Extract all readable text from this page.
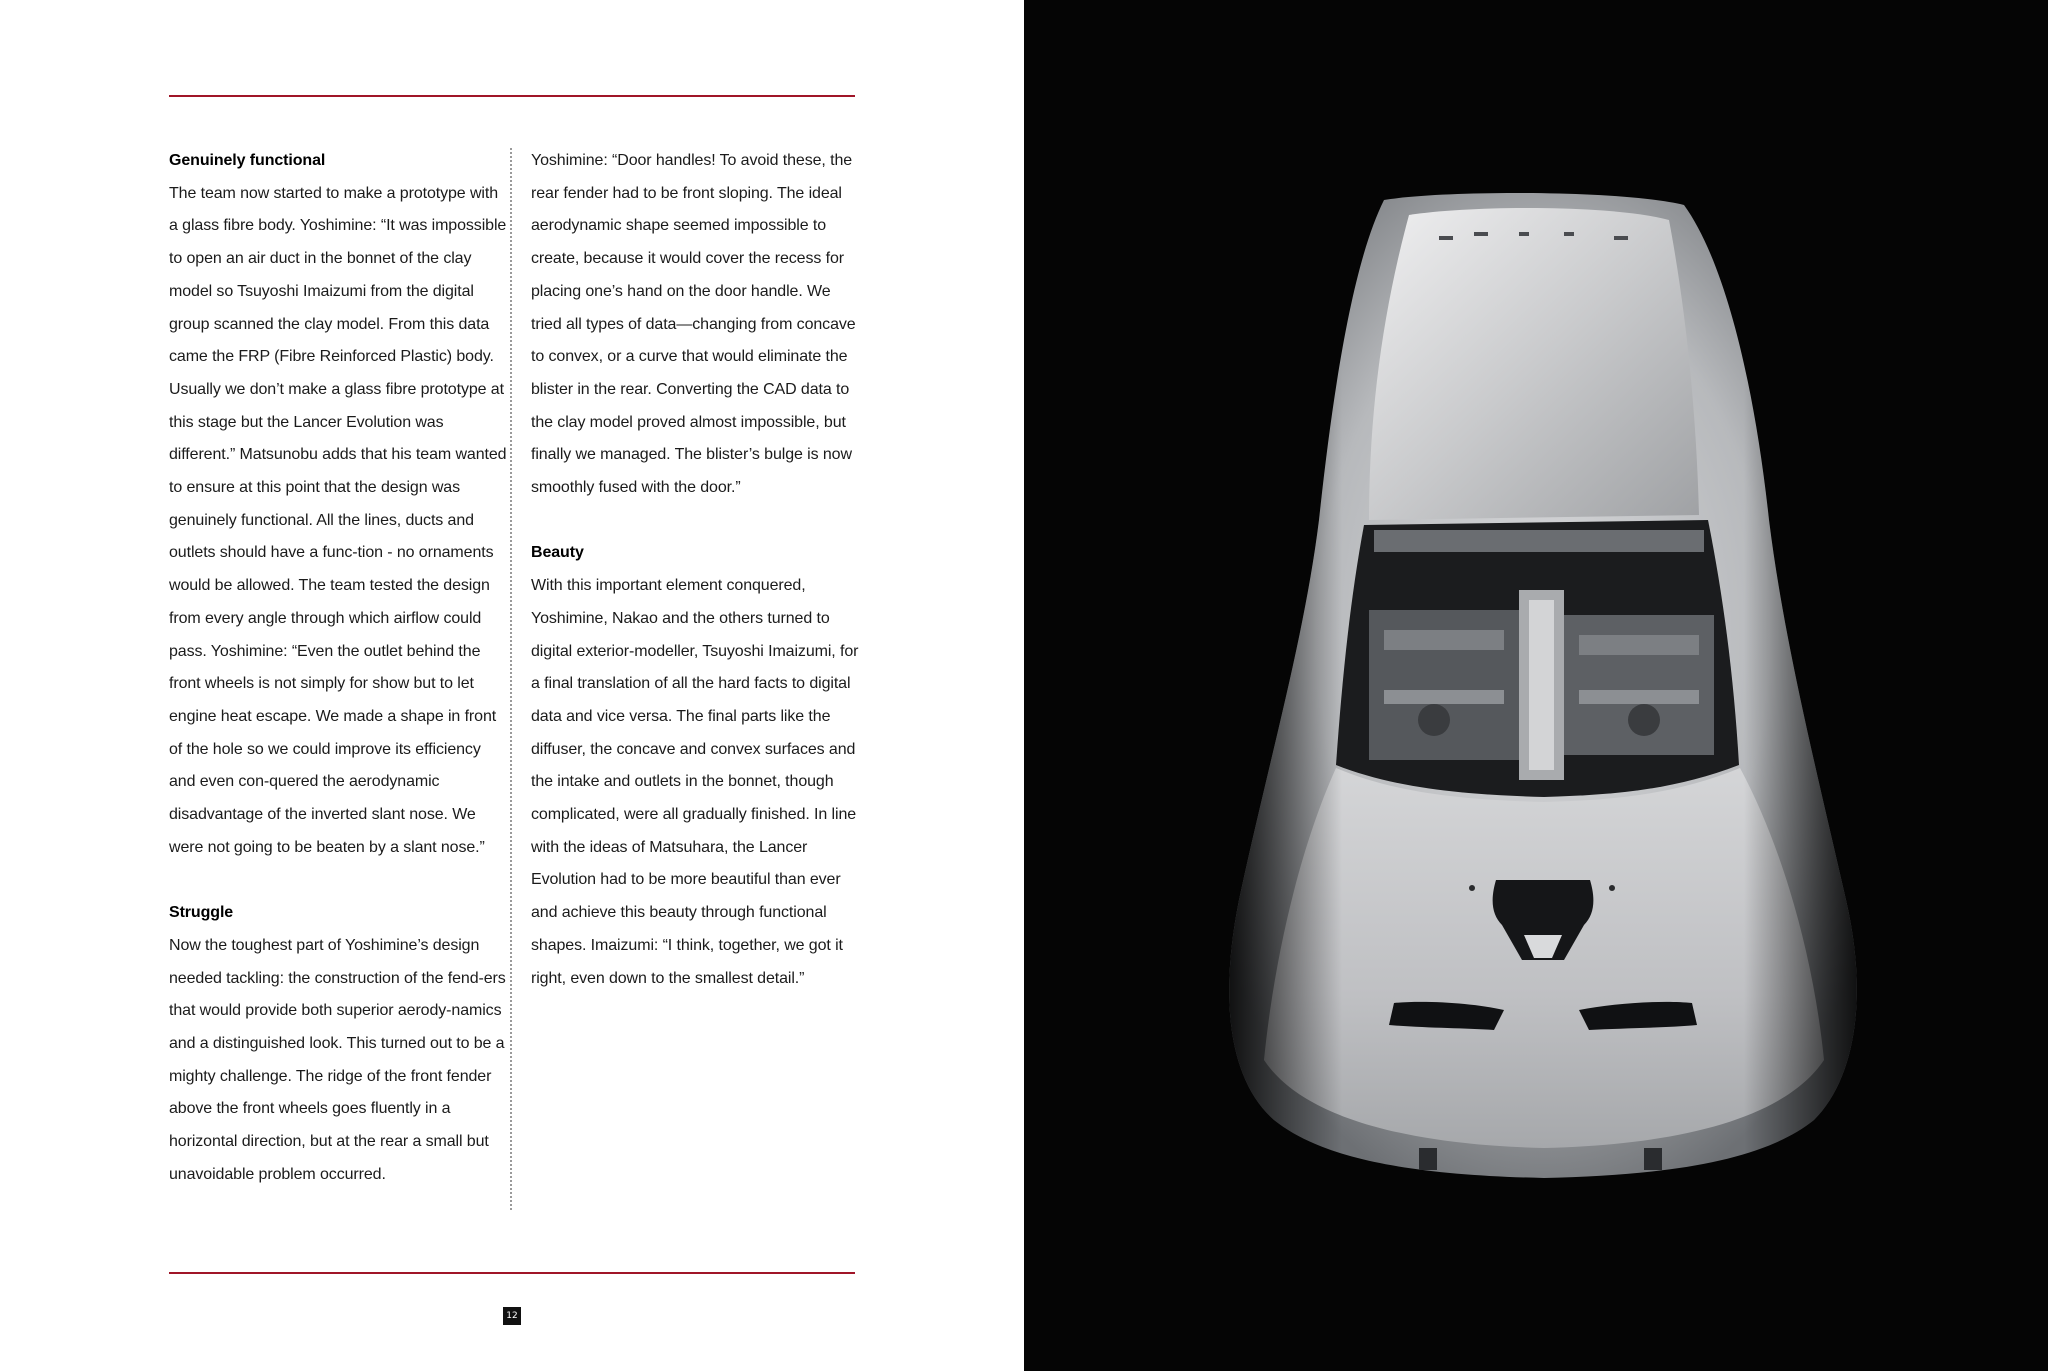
Genuinely functional

The team now started to make a prototype with a glass fibre body. Yoshimine: “It was impossible to open an air duct in the bonnet of the clay model so Tsuyoshi Imaizumi from the digital group scanned the clay model. From this data came the FRP (Fibre Reinforced Plastic) body. Usually we don’t make a glass fibre prototype at this stage but the Lancer Evolution was different.” Matsunobu adds that his team wanted to ensure at this point that the design was genuinely functional. All the lines, ducts and outlets should have a func-tion - no ornaments would be allowed. The team tested the design from every angle through which airflow could pass. Yoshimine: “Even the outlet behind the front wheels is not simply for show but to let engine heat escape. We made a shape in front of the hole so we could improve its efficiency and even con-quered the aerodynamic disadvantage of the inverted slant nose. We were not going to be beaten by a slant nose.”

Struggle

Now the toughest part of Yoshimine’s design needed tackling: the construction of the fend-ers that would provide both superior aerody-namics and a distinguished look. This turned out to be a mighty challenge. The ridge of the front fender above the front wheels goes fluently in a horizontal direction, but at the rear a small but unavoidable problem occurred.

Yoshimine: “Door handles! To avoid these, the rear fender had to be front sloping. The ideal aerodynamic shape seemed impossible to create, because it would cover the recess for placing one’s hand on the door handle. We tried all types of data—changing from concave to convex, or a curve that would eliminate the blister in the rear. Converting the CAD data to the clay model proved almost impossible, but finally we managed. The blister’s bulge is now smoothly fused with the door.”

Beauty

With this important element conquered, Yoshimine, Nakao and the others turned to digital exterior-modeller, Tsuyoshi Imaizumi, for a final translation of all the hard facts to digital data and vice versa. The final parts like the diffuser, the concave and convex surfaces and the intake and outlets in the bonnet, though complicated, were all gradually finished. In line with the ideas of Matsuhara, the Lancer Evolution had to be more beautiful than ever and achieve this beauty through functional shapes. Imaizumi: “I think, together, we got it right, even down to the smallest detail.”

12
